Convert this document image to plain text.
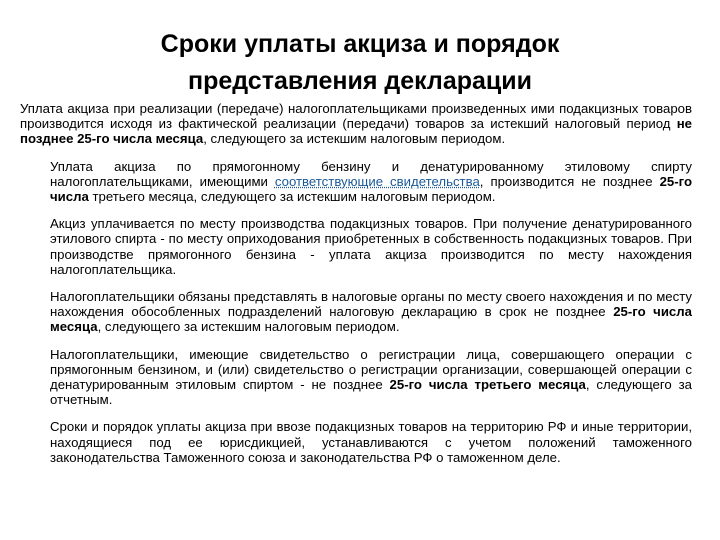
Сроки уплаты акциза и порядок
представления декларации

Уплата акциза при реализации (передаче) налогоплательщиками произведенных ими подакцизных товаров производится исходя из фактической реализации (передачи) товаров за истекший налоговый период не позднее 25-го числа месяца, следующего за истекшим налоговым периодом.

Уплата акциза по прямогонному бензину и денатурированному этиловому спирту налогоплательщиками, имеющими соответствующие свидетельства, производится не позднее 25-го числа третьего месяца, следующего за истекшим налоговым периодом.

Акциз уплачивается по месту производства подакцизных товаров. При получение денатурированного этилового спирта - по месту оприходования приобретенных в собственность подакцизных товаров. При производстве прямогонного бензина - уплата акциза производится по месту нахождения налогоплательщика.

Налогоплательщики обязаны представлять в налоговые органы по месту своего нахождения и по месту нахождения обособленных подразделений налоговую декларацию в срок не позднее 25-го числа месяца, следующего за истекшим налоговым периодом.

Налогоплательщики, имеющие свидетельство о регистрации лица, совершающего операции с прямогонным бензином, и (или) свидетельство о регистрации организации, совершающей операции с денатурированным этиловым спиртом - не позднее 25-го числа третьего месяца, следующего за отчетным.

Сроки и порядок уплаты акциза при ввозе подакцизных товаров на территорию РФ и иные территории, находящиеся под ее юрисдикцией, устанавливаются с учетом положений таможенного законодательства Таможенного союза и законодательства РФ о таможенном деле.
